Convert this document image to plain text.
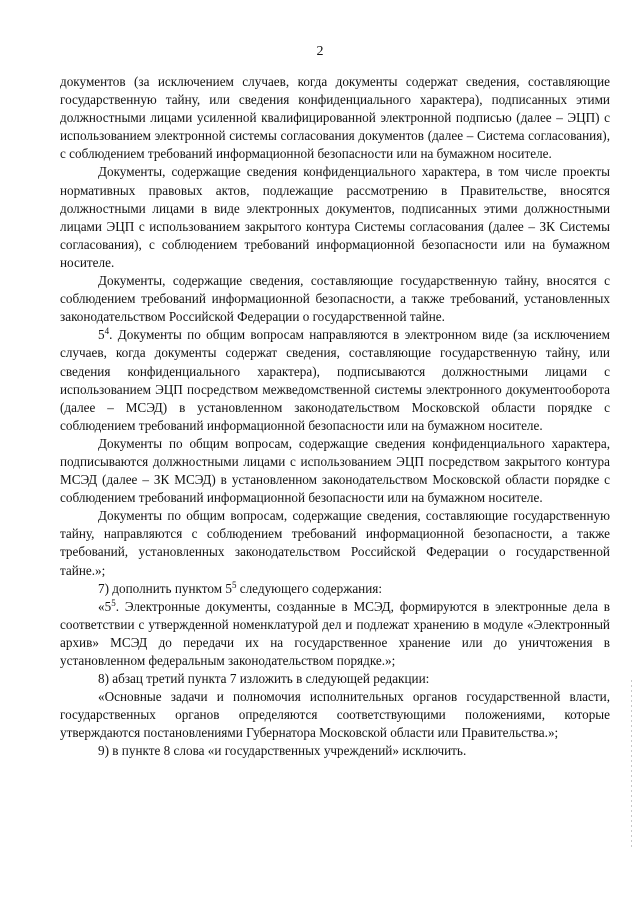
2

документов (за исключением случаев, когда документы содержат сведения, составляющие государственную тайну, или сведения конфиденциального характера), подписанных этими должностными лицами усиленной квалифицированной электронной подписью (далее – ЭЦП) с использованием электронной системы согласования документов (далее – Система согласования), с соблюдением требований информационной безопасности или на бумажном носителе.

Документы, содержащие сведения конфиденциального характера, в том числе проекты нормативных правовых актов, подлежащие рассмотрению в Правительстве, вносятся должностными лицами в виде электронных документов, подписанных этими должностными лицами ЭЦП с использованием закрытого контура Системы согласования (далее – ЗК Системы согласования), с соблюдением требований информационной безопасности или на бумажном носителе.

Документы, содержащие сведения, составляющие государственную тайну, вносятся с соблюдением требований информационной безопасности, а также требований, установленных законодательством Российской Федерации о государственной тайне.

$5^4$. Документы по общим вопросам направляются в электронном виде (за исключением случаев, когда документы содержат сведения, составляющие государственную тайну, или сведения конфиденциального характера), подписываются должностными лицами с использованием ЭЦП посредством межведомственной системы электронного документооборота (далее – МСЭД) в установленном законодательством Московской области порядке с соблюдением требований информационной безопасности или на бумажном носителе.

Документы по общим вопросам, содержащие сведения конфиденциального характера, подписываются должностными лицами с использованием ЭЦП посредством закрытого контура МСЭД (далее – ЗК МСЭД) в установленном законодательством Московской области порядке с соблюдением требований информационной безопасности или на бумажном носителе.

Документы по общим вопросам, содержащие сведения, составляющие государственную тайну, направляются с соблюдением требований информационной безопасности, а также требований, установленных законодательством Российской Федерации о государственной тайне.»;

7) дополнить пунктом $5^5$ следующего содержания:

«$5^5$. Электронные документы, созданные в МСЭД, формируются в электронные дела в соответствии с утвержденной номенклатурой дел и подлежат хранению в модуле «Электронный архив» МСЭД до передачи их на государственное хранение или до уничтожения в установленном федеральным законодательством порядке.»;

8) абзац третий пункта 7 изложить в следующей редакции:

«Основные задачи и полномочия исполнительных органов государственной власти, государственных органов определяются соответствующими положениями, которые утверждаются постановлениями Губернатора Московской области или Правительства.»;

9) в пункте 8 слова «и государственных учреждений» исключить.
